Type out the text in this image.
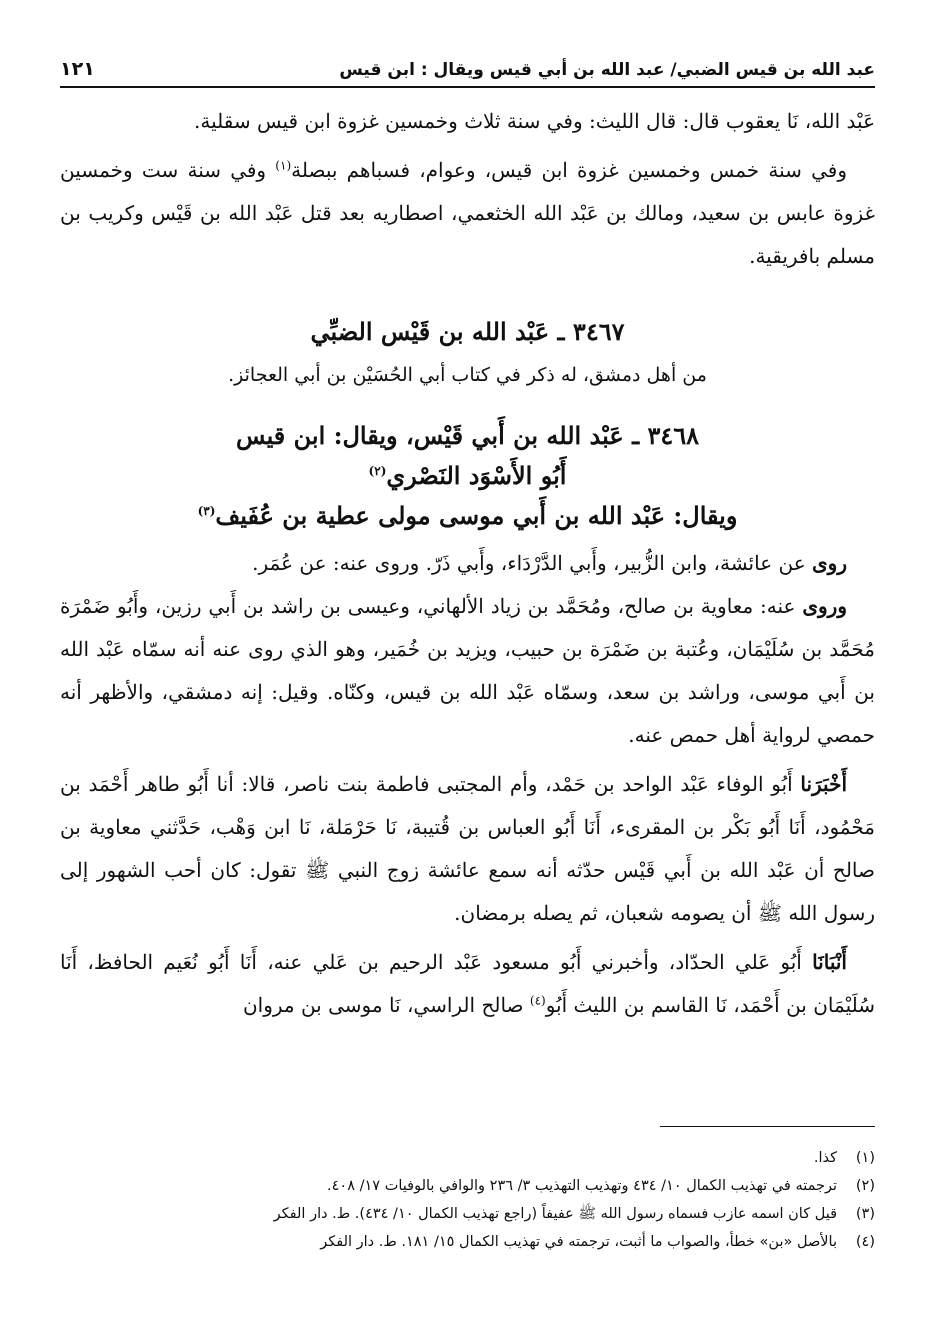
عبد الله بن قيس الضبي/ عبد الله بن أبي قيس ويقال : ابن قيس
١٢١

عَبْد الله، نَا يعقوب قال: قال الليث: وفي سنة ثلاث وخمسين غزوة ابن قيس سقلية.

وفي سنة خمس وخمسين غزوة ابن قيس، وعوام، فسباهم ببصلة$^{(١)}$ وفي سنة ست وخمسين غزوة عابس بن سعيد، ومالك بن عَبْد الله الخثعمي، اصطاريه بعد قتل عَبْد الله بن قَيْس وكريب بن مسلم بافريقية.

٣٤٦٧ ـ عَبْد الله بن قَيْس الضبِّي

من أهل دمشق، له ذكر في كتاب أبي الحُسَيْن بن أبي العجائز.

٣٤٦٨ ـ عَبْد الله بن أَبي قَيْس، ويقال: ابن قيس
أَبُو الأَسْوَد النَصْري$^{(٢)}$
ويقال: عَبْد الله بن أَبي موسى مولى عطية بن عُفَيف$^{(٣)}$

روى عن عائشة، وابن الزُّبير، وأَبي الدَّرْدَاء، وأَبي ذَرّ. وروى عنه: عن عُمَر.

وروى عنه: معاوية بن صالح، ومُحَمَّد بن زياد الألهاني، وعيسى بن راشد بن أَبي رزين، وأَبُو ضَمْرَة مُحَمَّد بن سُلَيْمَان، وعُتبة بن ضَمْرَة بن حبيب، ويزيد بن خُمَير، وهو الذي روى عنه أنه سمّاه عَبْد الله بن أَبي موسى، وراشد بن سعد، وسمّاه عَبْد الله بن قيس، وكنّاه. وقيل: إنه دمشقي، والأظهر أنه حمصي لرواية أهل حمص عنه.

أَخْبَرَنا أَبُو الوفاء عَبْد الواحد بن حَمْد، وأم المجتبى فاطمة بنت ناصر، قالا: أنا أَبُو طاهر أَحْمَد بن مَحْمُود، أَنَا أَبُو بَكْر بن المقرىء، أَنَا أَبُو العباس بن قُتيبة، نَا حَرْمَلة، نَا ابن وَهْب، حَدَّثني معاوية بن صالح أن عَبْد الله بن أَبي قَيْس حدّثه أنه سمع عائشة زوج النبي ﷺ تقول: كان أحب الشهور إلى رسول الله ﷺ أن يصومه شعبان، ثم يصله برمضان.

أَنْبَانَا أَبُو عَلي الحدّاد، وأخبرني أَبُو مسعود عَبْد الرحيم بن عَلي عنه، أَنَا أَبُو نُعَيم الحافظ، أَنَا سُلَيْمَان بن أَحْمَد، نَا القاسم بن الليث أَبُو$^{(٤)}$ صالح الراسي، نَا موسى بن مروان

(١)كذا.

(٢)ترجمته في تهذيب الكمال ١٠/ ٤٣٤ وتهذيب التهذيب ٣/ ٢٣٦ والوافي بالوفيات ١٧/ ٤٠٨.

(٣)قيل كان اسمه عازب فسماه رسول الله ﷺ عفيفاً (راجع تهذيب الكمال ١٠/ ٤٣٤). ط. دار الفكر

(٤)بالأصل «بن» خطأ، والصواب ما أثبت، ترجمته في تهذيب الكمال ١٥/ ١٨١. ط. دار الفكر
